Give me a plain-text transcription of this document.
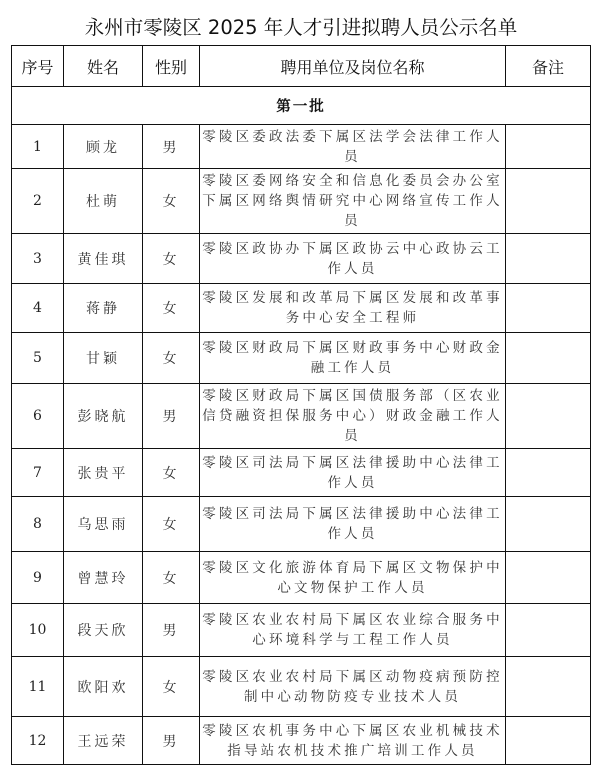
永州市零陵区 2025 年人才引进拟聘人员公示名单
序号	姓名	性别	聘用单位及岗位名称	备注
第一批				
1	顾龙	男	零陵区委政法委下属区法学会法律工作人员	
2	杜萌	女	零陵区委网络安全和信息化委员会办公室下属区网络舆情研究中心网络宣传工作人员	
3	黄佳琪	女	零陵区政协办下属区政协云中心政协云工作人员	
4	蒋静	女	零陵区发展和改革局下属区发展和改革事务中心安全工程师	
5	甘颖	女	零陵区财政局下属区财政事务中心财政金融工作人员	
6	彭晓航	男	零陵区财政局下属区国债服务部（区农业信贷融资担保服务中心）财政金融工作人员	
7	张贵平	女	零陵区司法局下属区法律援助中心法律工作人员	
8	乌思雨	女	零陵区司法局下属区法律援助中心法律工作人员	
9	曾慧玲	女	零陵区文化旅游体育局下属区文物保护中心文物保护工作人员	
10	段天欣	男	零陵区农业农村局下属区农业综合服务中心环境科学与工程工作人员	
11	欧阳欢	女	零陵区农业农村局下属区动物疫病预防控制中心动物防疫专业技术人员	
12	王远荣	男	零陵区农机事务中心下属区农业机械技术指导站农机技术推广培训工作人员	
